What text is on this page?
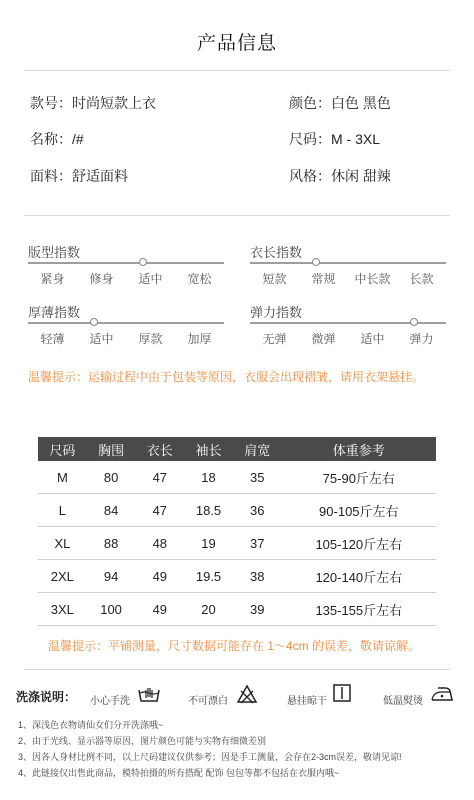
产品信息
款号：时尚短款上衣	颜色：白色 黑色
名称：/#	尺码：M - 3XL
面料：舒适面料	风格：休闲 甜辣
版型指数
紧身 修身 适中 宽松
衣长指数
短款 常规 中长款 长款
厚薄指数
轻薄 适中 厚款 加厚
弹力指数
无弹 微弹 适中 弹力
温馨提示：运输过程中由于包装等原因，衣服会出现褶皱，请用衣架悬挂。
尺码	胸围	衣长	袖长	肩宽	体重参考
M	80	47	18	35	75-90斤左右
L	84	47	18.5	36	90-105斤左右
XL	88	48	19	37	105-120斤左右
2XL	94	49	19.5	38	120-140斤左右
3XL	100	49	20	39	135-155斤左右
温馨提示：平铺测量，尺寸数据可能存在 1～4cm 的误差，敬请谅解。
洗涤说明： 小心手洗	不可漂白	悬挂晾干	低温熨烫
1、深浅色衣物请仙女们分开洗涤哦~
2、由于光线、显示器等原因，图片颜色可能与实物有细微差别
3、因各人身材比例不同，以上尺码建议仅供参考；因是手工测量，会存在2-3cm误差，敬请见谅!
4、此链接仅出售此商品，模特拍摄的所有搭配 配饰 包包等都不包括在衣服内哦~
